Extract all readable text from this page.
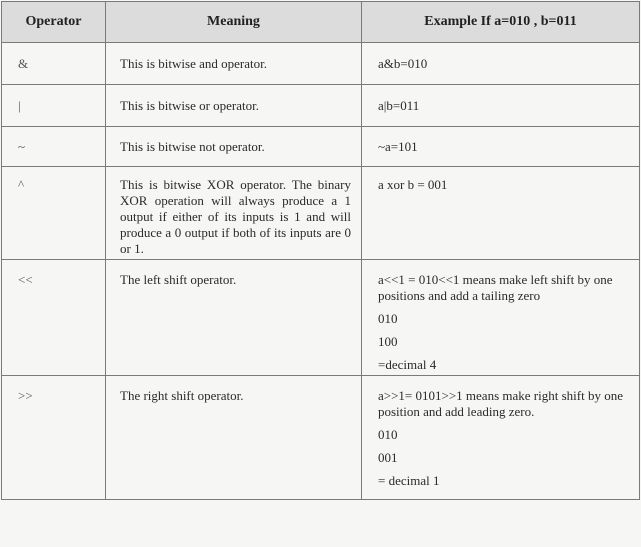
Operator	Meaning	Example If a=010 , b=011

&	This is bitwise and operator.	a&b=010

|	This is bitwise or operator.	a|b=011

~	This is bitwise not operator.	~a=101

^	This is bitwise XOR operator. The binary XOR operation will always produce a 1 output if either of its inputs is 1 and will produce a 0 output if both of its inputs are 0 or 1.	a xor b = 001

<<	The left shift operator.	a<<1 = 010<<1 means make left shift by one positions and add a tailing zero
010
100
=decimal 4

>>	The right shift operator.	a>>1= 0101>>1 means make right shift by one position and add leading zero.
010
001
= decimal 1
